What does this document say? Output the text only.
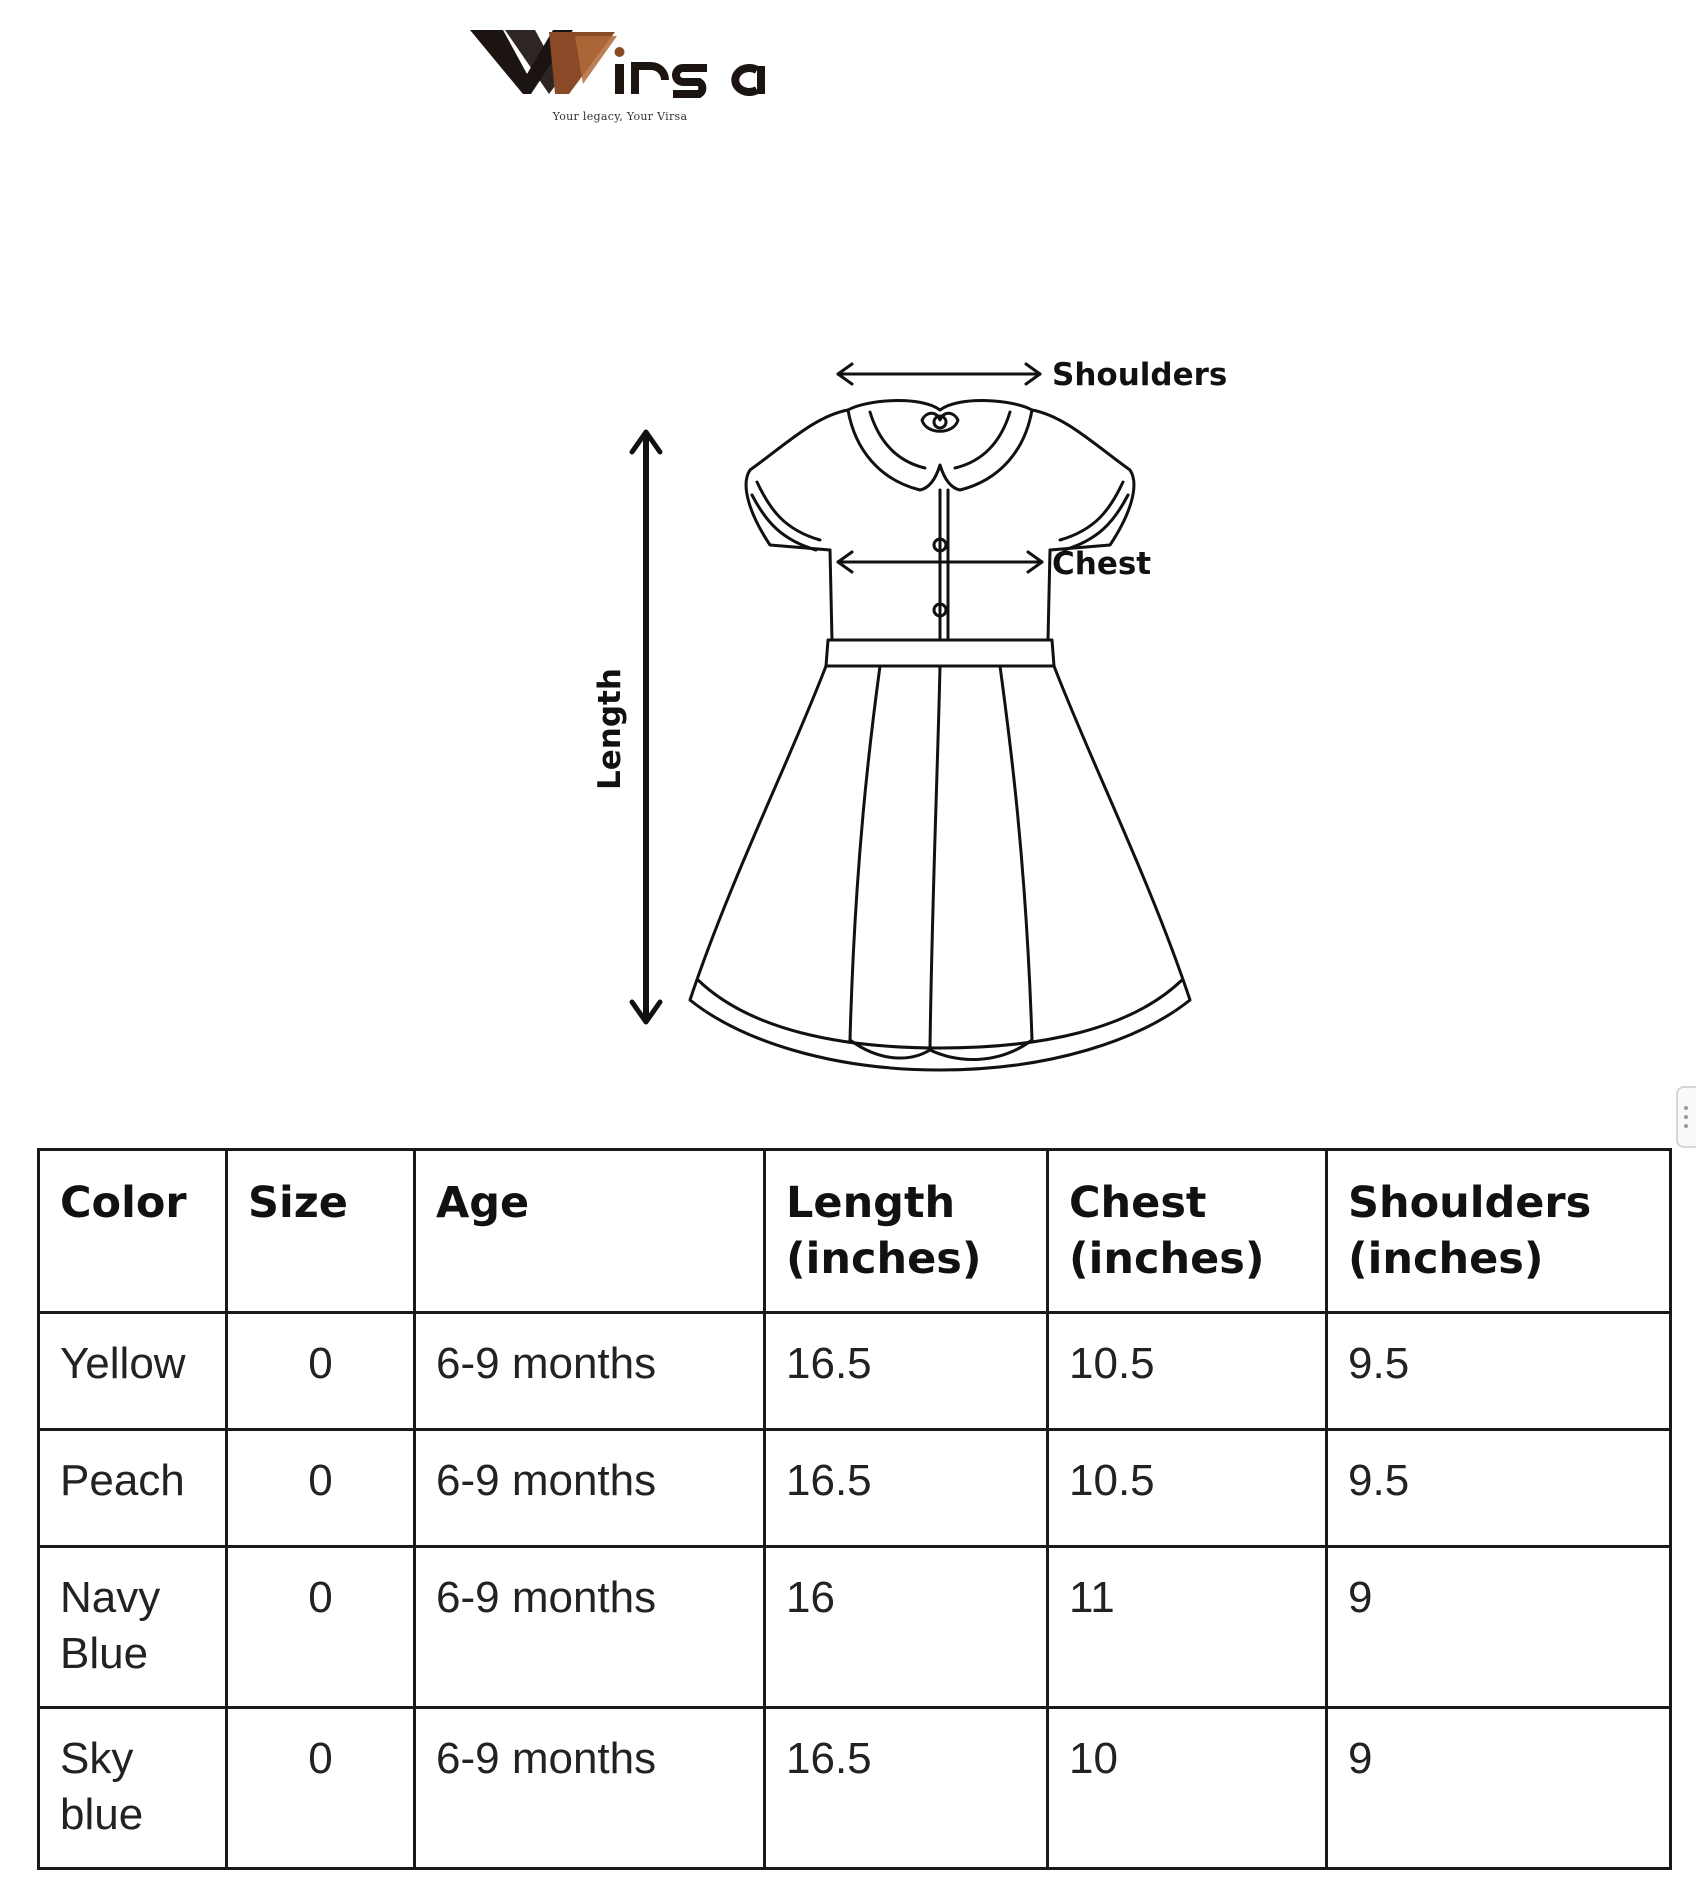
Your legacy, Your Virsa
Shoulders
Length
Chest
Color	Size	Age	Length (inches)	Chest (inches)	Shoulders (inches)
Yellow	0	6-9 months	16.5	10.5	9.5
Peach	0	6-9 months	16.5	10.5	9.5
Navy Blue	0	6-9 months	16	11	9
Sky blue	0	6-9 months	16.5	10	9
